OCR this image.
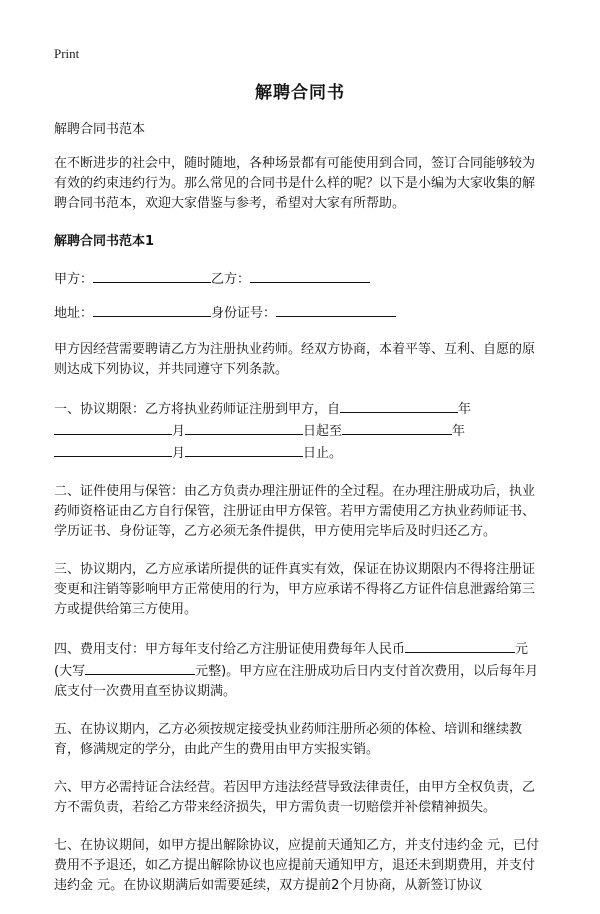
Print
解聘合同书

解聘合同书范本

在不断进步的社会中，随时随地，各种场景都有可能使用到合同，签订合同能够较为有效的约束违约行为。那么常见的合同书是什么样的呢？以下是小编为大家收集的解聘合同书范本，欢迎大家借鉴与参考，希望对大家有所帮助。

解聘合同书范本1
甲方：	乙方：
地址：	身份证号：

甲方因经营需要聘请乙方为注册执业药师。经双方协商，本着平等、互利、自愿的原则达成下列协议，并共同遵守下列条款。

一、协议期限：乙方将执业药师证注册到甲方，自	年
月	日起至	年
月	日止。

二、证件使用与保管：由乙方负责办理注册证件的全过程。在办理注册成功后，执业药师资格证由乙方自行保管，注册证由甲方保管。若甲方需使用乙方执业药师证书、学历证书、身份证等，乙方必须无条件提供，甲方使用完毕后及时归还乙方。

三、协议期内，乙方应承诺所提供的证件真实有效，保证在协议期限内不得将注册证变更和注销等影响甲方正常使用的行为，甲方应承诺不得将乙方证件信息泄露给第三方或提供给第三方使用。

四、费用支付：甲方每年支付给乙方注册证使用费每年人民币	元(大写	元整)。甲方应在注册成功后日内支付首次费用，以后每年月底支付一次费用直至协议期满。

五、在协议期内，乙方必须按规定接受执业药师注册所必须的体检、培训和继续教育，修满规定的学分，由此产生的费用由甲方实报实销。

六、甲方必需持证合法经营。若因甲方违法经营导致法律责任，由甲方全权负责，乙方不需负责，若给乙方带来经济损失，甲方需负责一切赔偿并补偿精神损失。

七、在协议期间，如甲方提出解除协议，应提前天通知乙方，并支付违约金 元，已付费用不予退还，如乙方提出解除协议也应提前天通知甲方，退还未到期费用，并支付违约金 元。在协议期满后如需要延续，双方提前2个月协商，从新签订协议
